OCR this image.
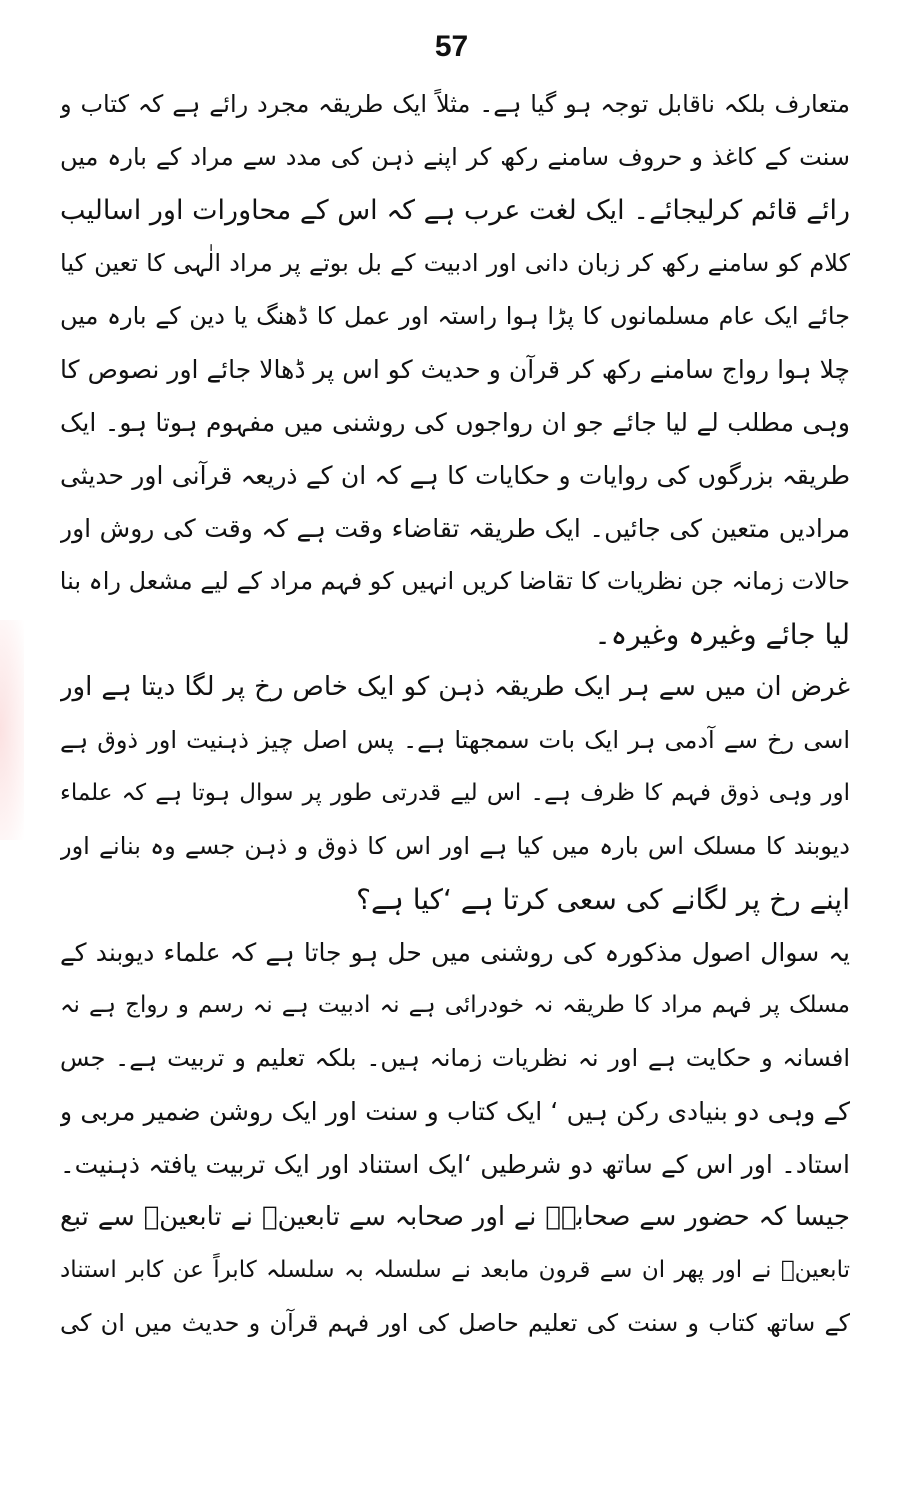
57
متعارف بلکہ ناقابل توجہ ہو گیا ہے۔ مثلاً ایک طریقہ مجرد رائے ہے کہ کتاب و
سنت کے کاغذ و حروف سامنے رکھ کر اپنے ذہن کی مدد سے مراد کے بارہ میں
رائے قائم کرلیجائے۔ ایک لغت عرب ہے کہ اس کے محاورات اور اسالیب
کلام کو سامنے رکھ کر زبان دانی اور ادبیت کے بل بوتے پر مراد الٰہی کا تعین کیا
جائے ایک عام مسلمانوں کا پڑا ہوا راستہ اور عمل کا ڈھنگ یا دین کے بارہ میں
چلا ہوا رواج سامنے رکھ کر قرآن و حدیث کو اس پر ڈھالا جائے اور نصوص کا
وہی مطلب لے لیا جائے جو ان رواجوں کی روشنی میں مفہوم ہوتا ہو۔ ایک
طریقہ بزرگوں کی روایات و حکایات کا ہے کہ ان کے ذریعہ قرآنی اور حدیثی
مرادیں متعین کی جائیں۔ ایک طریقہ تقاضاء وقت ہے کہ وقت کی روش اور
حالات زمانہ جن نظریات کا تقاضا کریں انہیں کو فہم مراد کے لیے مشعل راہ بنا
لیا جائے وغیرہ وغیرہ۔
غرض ان میں سے ہر ایک طریقہ ذہن کو ایک خاص رخ پر لگا دیتا ہے اور
اسی رخ سے آدمی ہر ایک بات سمجھتا ہے۔ پس اصل چیز ذہنیت اور ذوق ہے
اور وہی ذوق فہم کا ظرف ہے۔ اس لیے قدرتی طور پر سوال ہوتا ہے کہ علماء
دیوبند کا مسلک اس بارہ میں کیا ہے اور اس کا ذوق و ذہن جسے وہ بنانے اور
اپنے رخ پر لگانے کی سعی کرتا ہے ‘کیا ہے؟
یہ سوال اصول مذکورہ کی روشنی میں حل ہو جاتا ہے کہ علماء دیوبند کے
مسلک پر فہم مراد کا طریقہ نہ خودرائی ہے نہ ادبیت ہے نہ رسم و رواج ہے نہ
افسانہ و حکایت ہے اور نہ نظریات زمانہ ہیں۔ بلکہ تعلیم و تربیت ہے۔ جس
کے وہی دو بنیادی رکن ہیں ‘ ایک کتاب و سنت اور ایک روشن ضمیر مربی و
استاد۔ اور اس کے ساتھ دو شرطیں ‘ایک استناد اور ایک تربیت یافتہ ذہنیت۔
جیسا کہ حضور سے صحابہؓ نے اور صحابہ سے تابعینؒ نے تابعینؒ سے تبع
تابعینؒ نے اور پھر ان سے قرون مابعد نے سلسلہ بہ سلسلہ کابراً عن کابر استناد
کے ساتھ کتاب و سنت کی تعلیم حاصل کی اور فہم قرآن و حدیث میں ان کی
